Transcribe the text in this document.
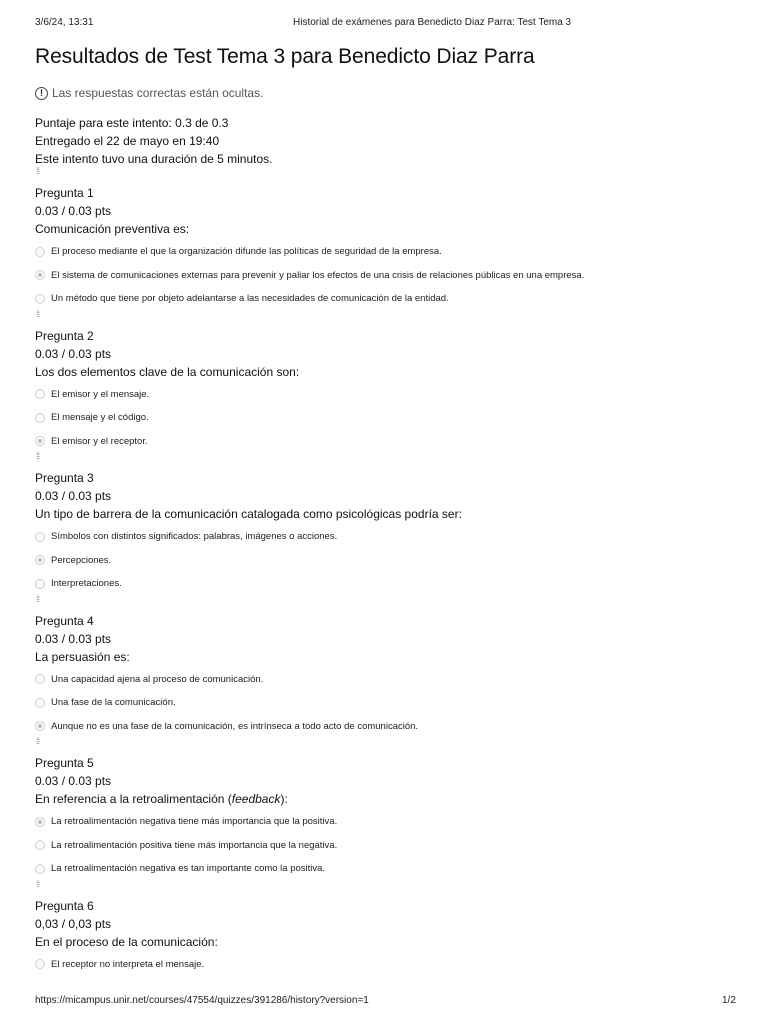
3/6/24, 13:31	Historial de exámenes para Benedicto Diaz Parra: Test Tema 3
Resultados de Test Tema 3 para Benedicto Diaz Parra
! Las respuestas correctas están ocultas.
Puntaje para este intento: 0.3 de 0.3
Entregado el 22 de mayo en 19:40
Este intento tuvo una duración de 5 minutos.
⁞⁞
Pregunta 1
0.03 / 0.03 pts
Comunicación preventiva es:
El proceso mediante el que la organización difunde las políticas de seguridad de la empresa.
El sistema de comunicaciones externas para prevenir y paliar los efectos de una crisis de relaciones públicas en una empresa.
Un método que tiene por objeto adelantarse a las necesidades de comunicación de la entidad.
⁞⁞
Pregunta 2
0.03 / 0.03 pts
Los dos elementos clave de la comunicación son:
El emisor y el mensaje.
El mensaje y el código.
El emisor y el receptor.
⁞⁞
Pregunta 3
0.03 / 0.03 pts
Un tipo de barrera de la comunicación catalogada como psicológicas podría ser:
Símbolos con distintos significados: palabras, imágenes o acciones.
Percepciones.
Interpretaciones.
⁞⁞
Pregunta 4
0.03 / 0.03 pts
La persuasión es:
Una capacidad ajena al proceso de comunicación.
Una fase de la comunicación.
Aunque no es una fase de la comunicación, es intrínseca a todo acto de comunicación.
⁞⁞
Pregunta 5
0.03 / 0.03 pts
En referencia a la retroalimentación (feedback):
La retroalimentación negativa tiene más importancia que la positiva.
La retroalimentación positiva tiene más importancia que la negativa.
La retroalimentación negativa es tan importante como la positiva.
⁞⁞
Pregunta 6
0,03 / 0,03 pts
En el proceso de la comunicación:
El receptor no interpreta el mensaje.
https://micampus.unir.net/courses/47554/quizzes/391286/history?version=1	1/2
